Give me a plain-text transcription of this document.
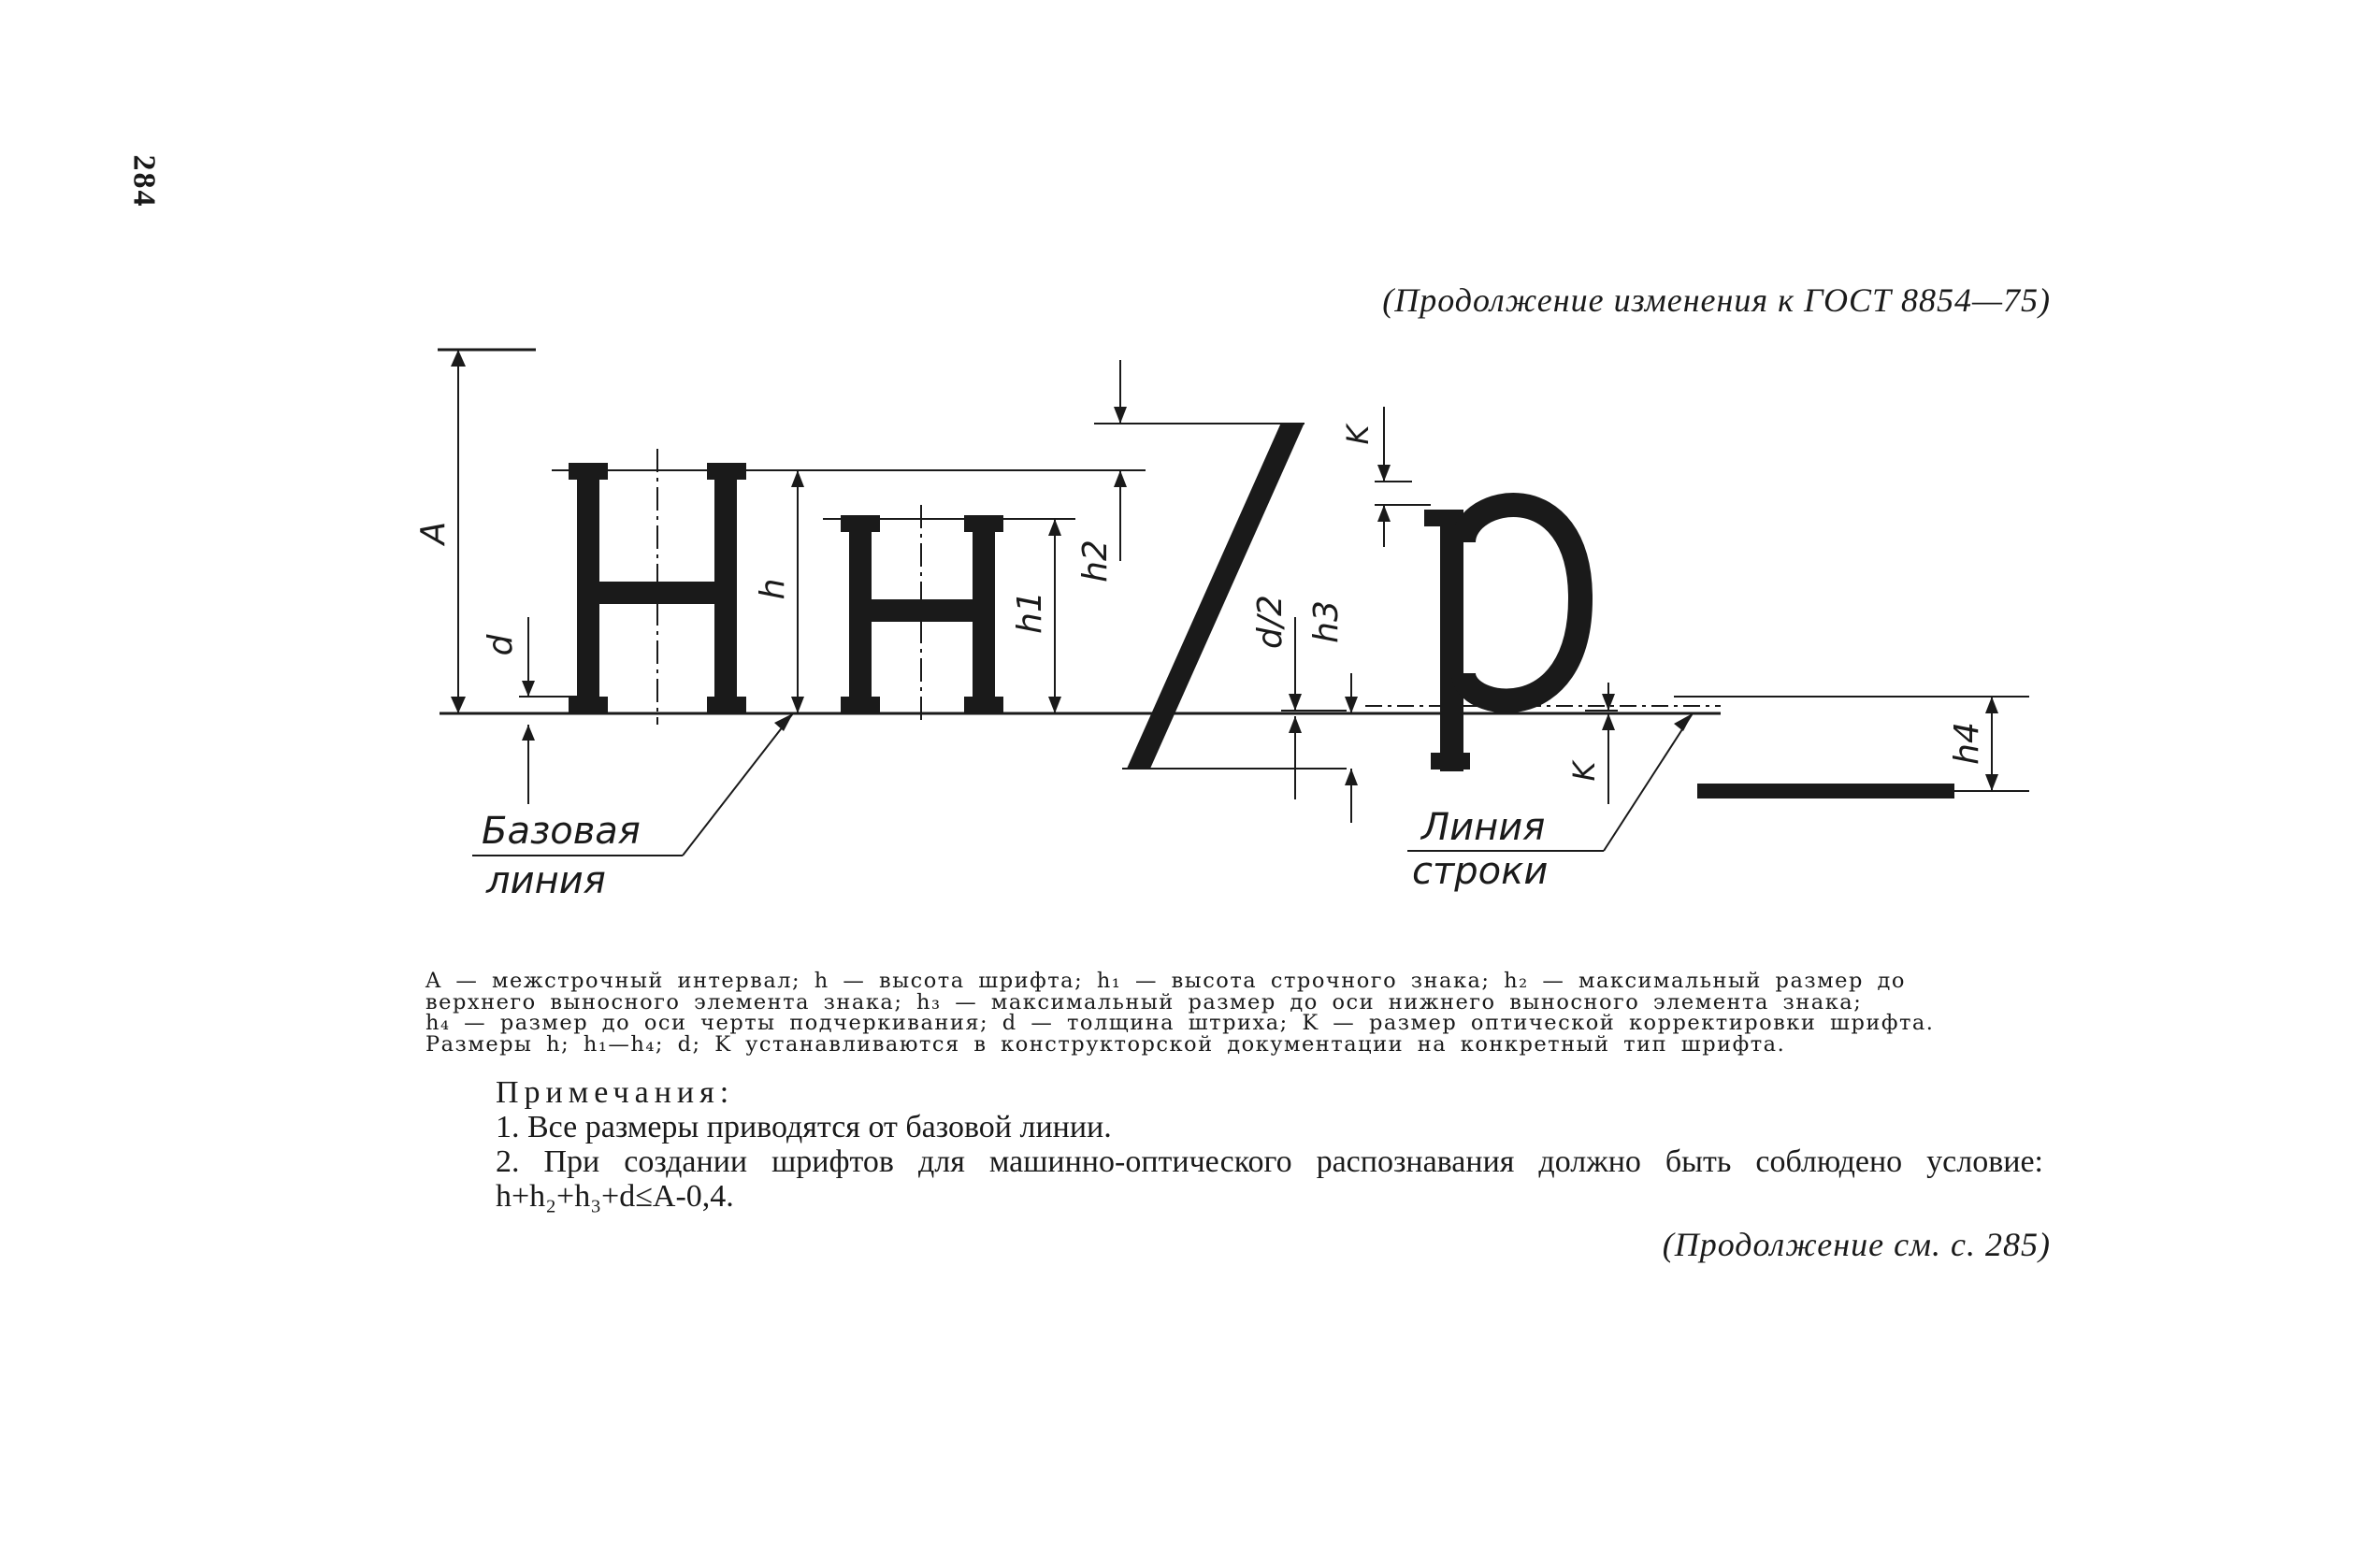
284
(Продолжение изменения к ГОСТ 8854—75)
A
d
h
h1
h2
d/2 h3
K
K
h4
Базовая
линия
Линия
строки

A — межстрочный интервал; h — высота шрифта; h₁ — высота строчного знака; h₂ — максимальный размер до

верхнего выносного элемента знака; h₃ — максимальный размер до оси нижнего выносного элемента знака;

h₄ — размер до оси черты подчеркивания; d — толщина штриха; K — размер оптической корректировки шрифта.

Размеры h; h₁—h₄; d; K устанавливаются в конструкторской документации на конкретный тип шрифта.

Примечания:

1. Все размеры приводятся от базовой линии.

2. При создании шрифтов для машинно-оптического распознавания должно быть соблюдено условие: h+h₂+h₃+d≤A-0,4.

(Продолжение см. с. 285)
